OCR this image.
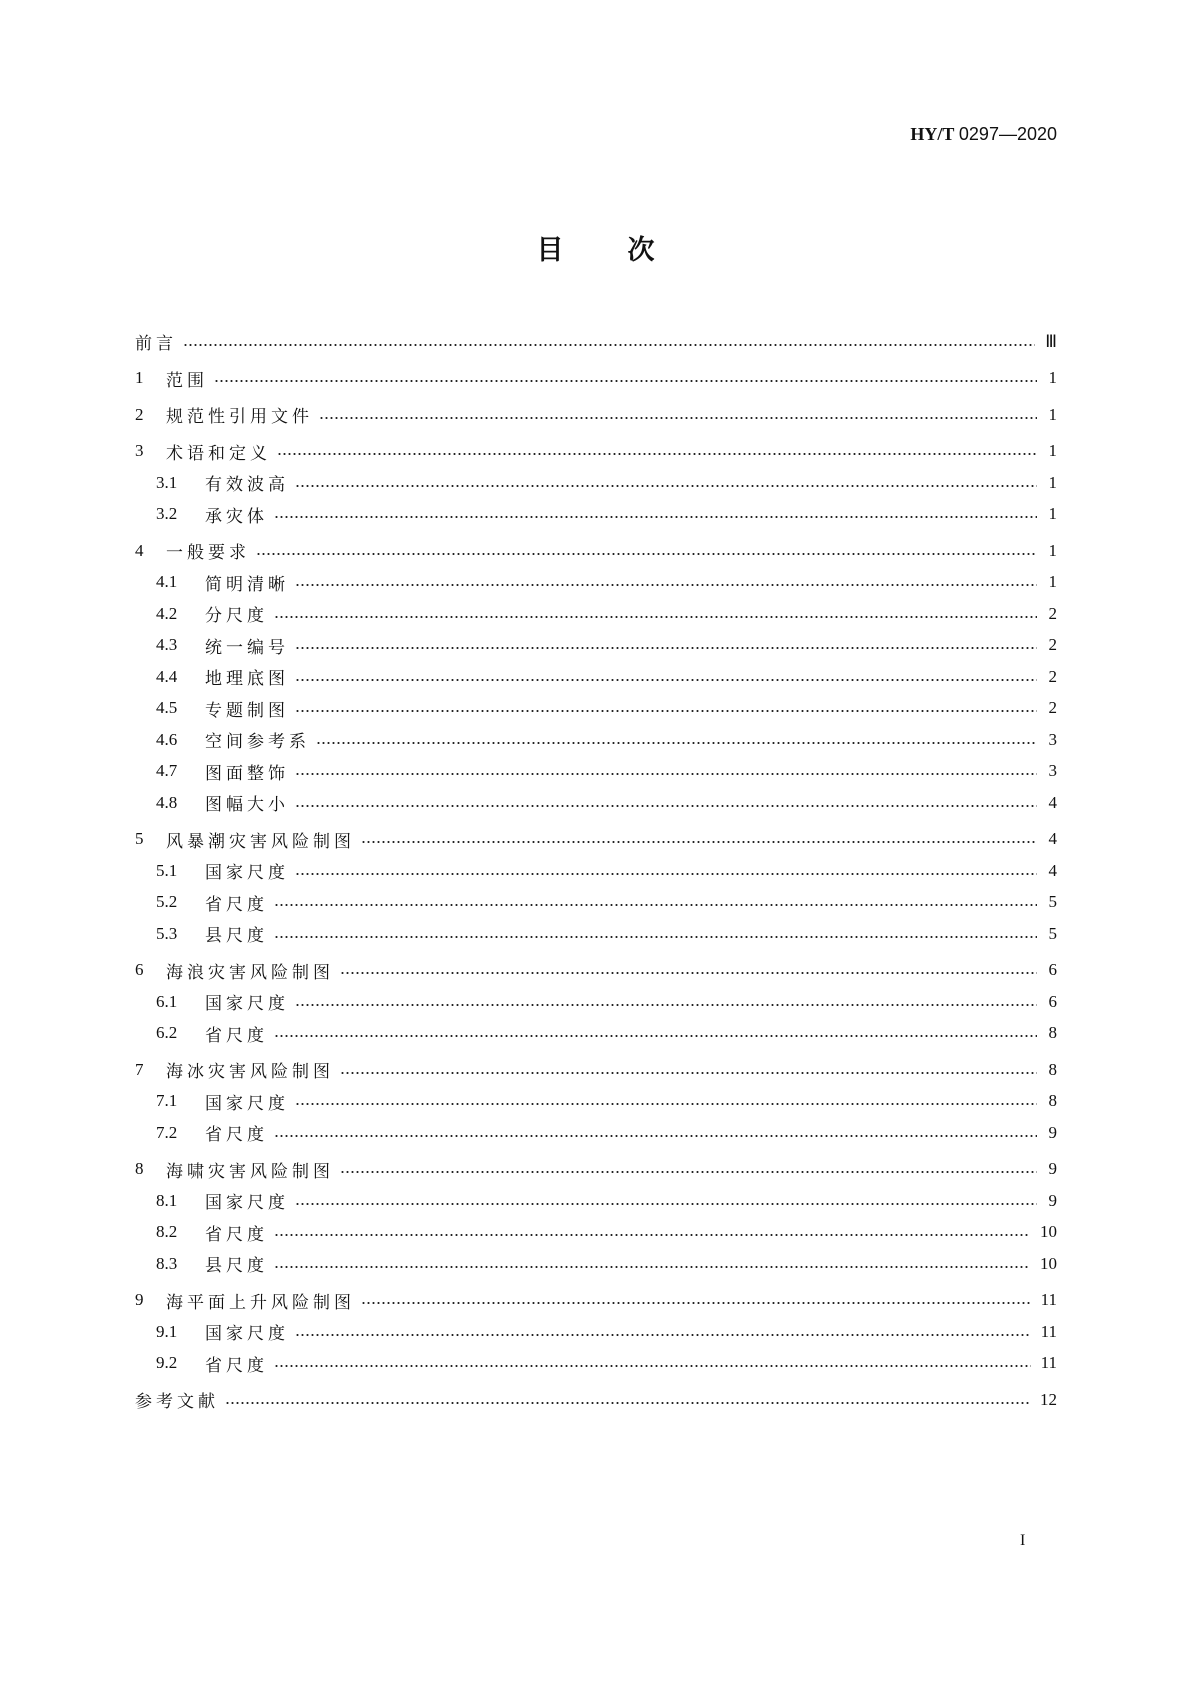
HY/T 0297—2020
目 次
前言	Ⅲ
1	范围	1
2	规范性引用文件	1
3	术语和定义	1
3.1	有效波高	1
3.2	承灾体	1
4	一般要求	1
4.1	简明清晰	1
4.2	分尺度	2
4.3	统一编号	2
4.4	地理底图	2
4.5	专题制图	2
4.6	空间参考系	3
4.7	图面整饰	3
4.8	图幅大小	4
5	风暴潮灾害风险制图	4
5.1	国家尺度	4
5.2	省尺度	5
5.3	县尺度	5
6	海浪灾害风险制图	6
6.1	国家尺度	6
6.2	省尺度	8
7	海冰灾害风险制图	8
7.1	国家尺度	8
7.2	省尺度	9
8	海啸灾害风险制图	9
8.1	国家尺度	9
8.2	省尺度	10
8.3	县尺度	10
9	海平面上升风险制图	11
9.1	国家尺度	11
9.2	省尺度	11
参考文献	12
I
